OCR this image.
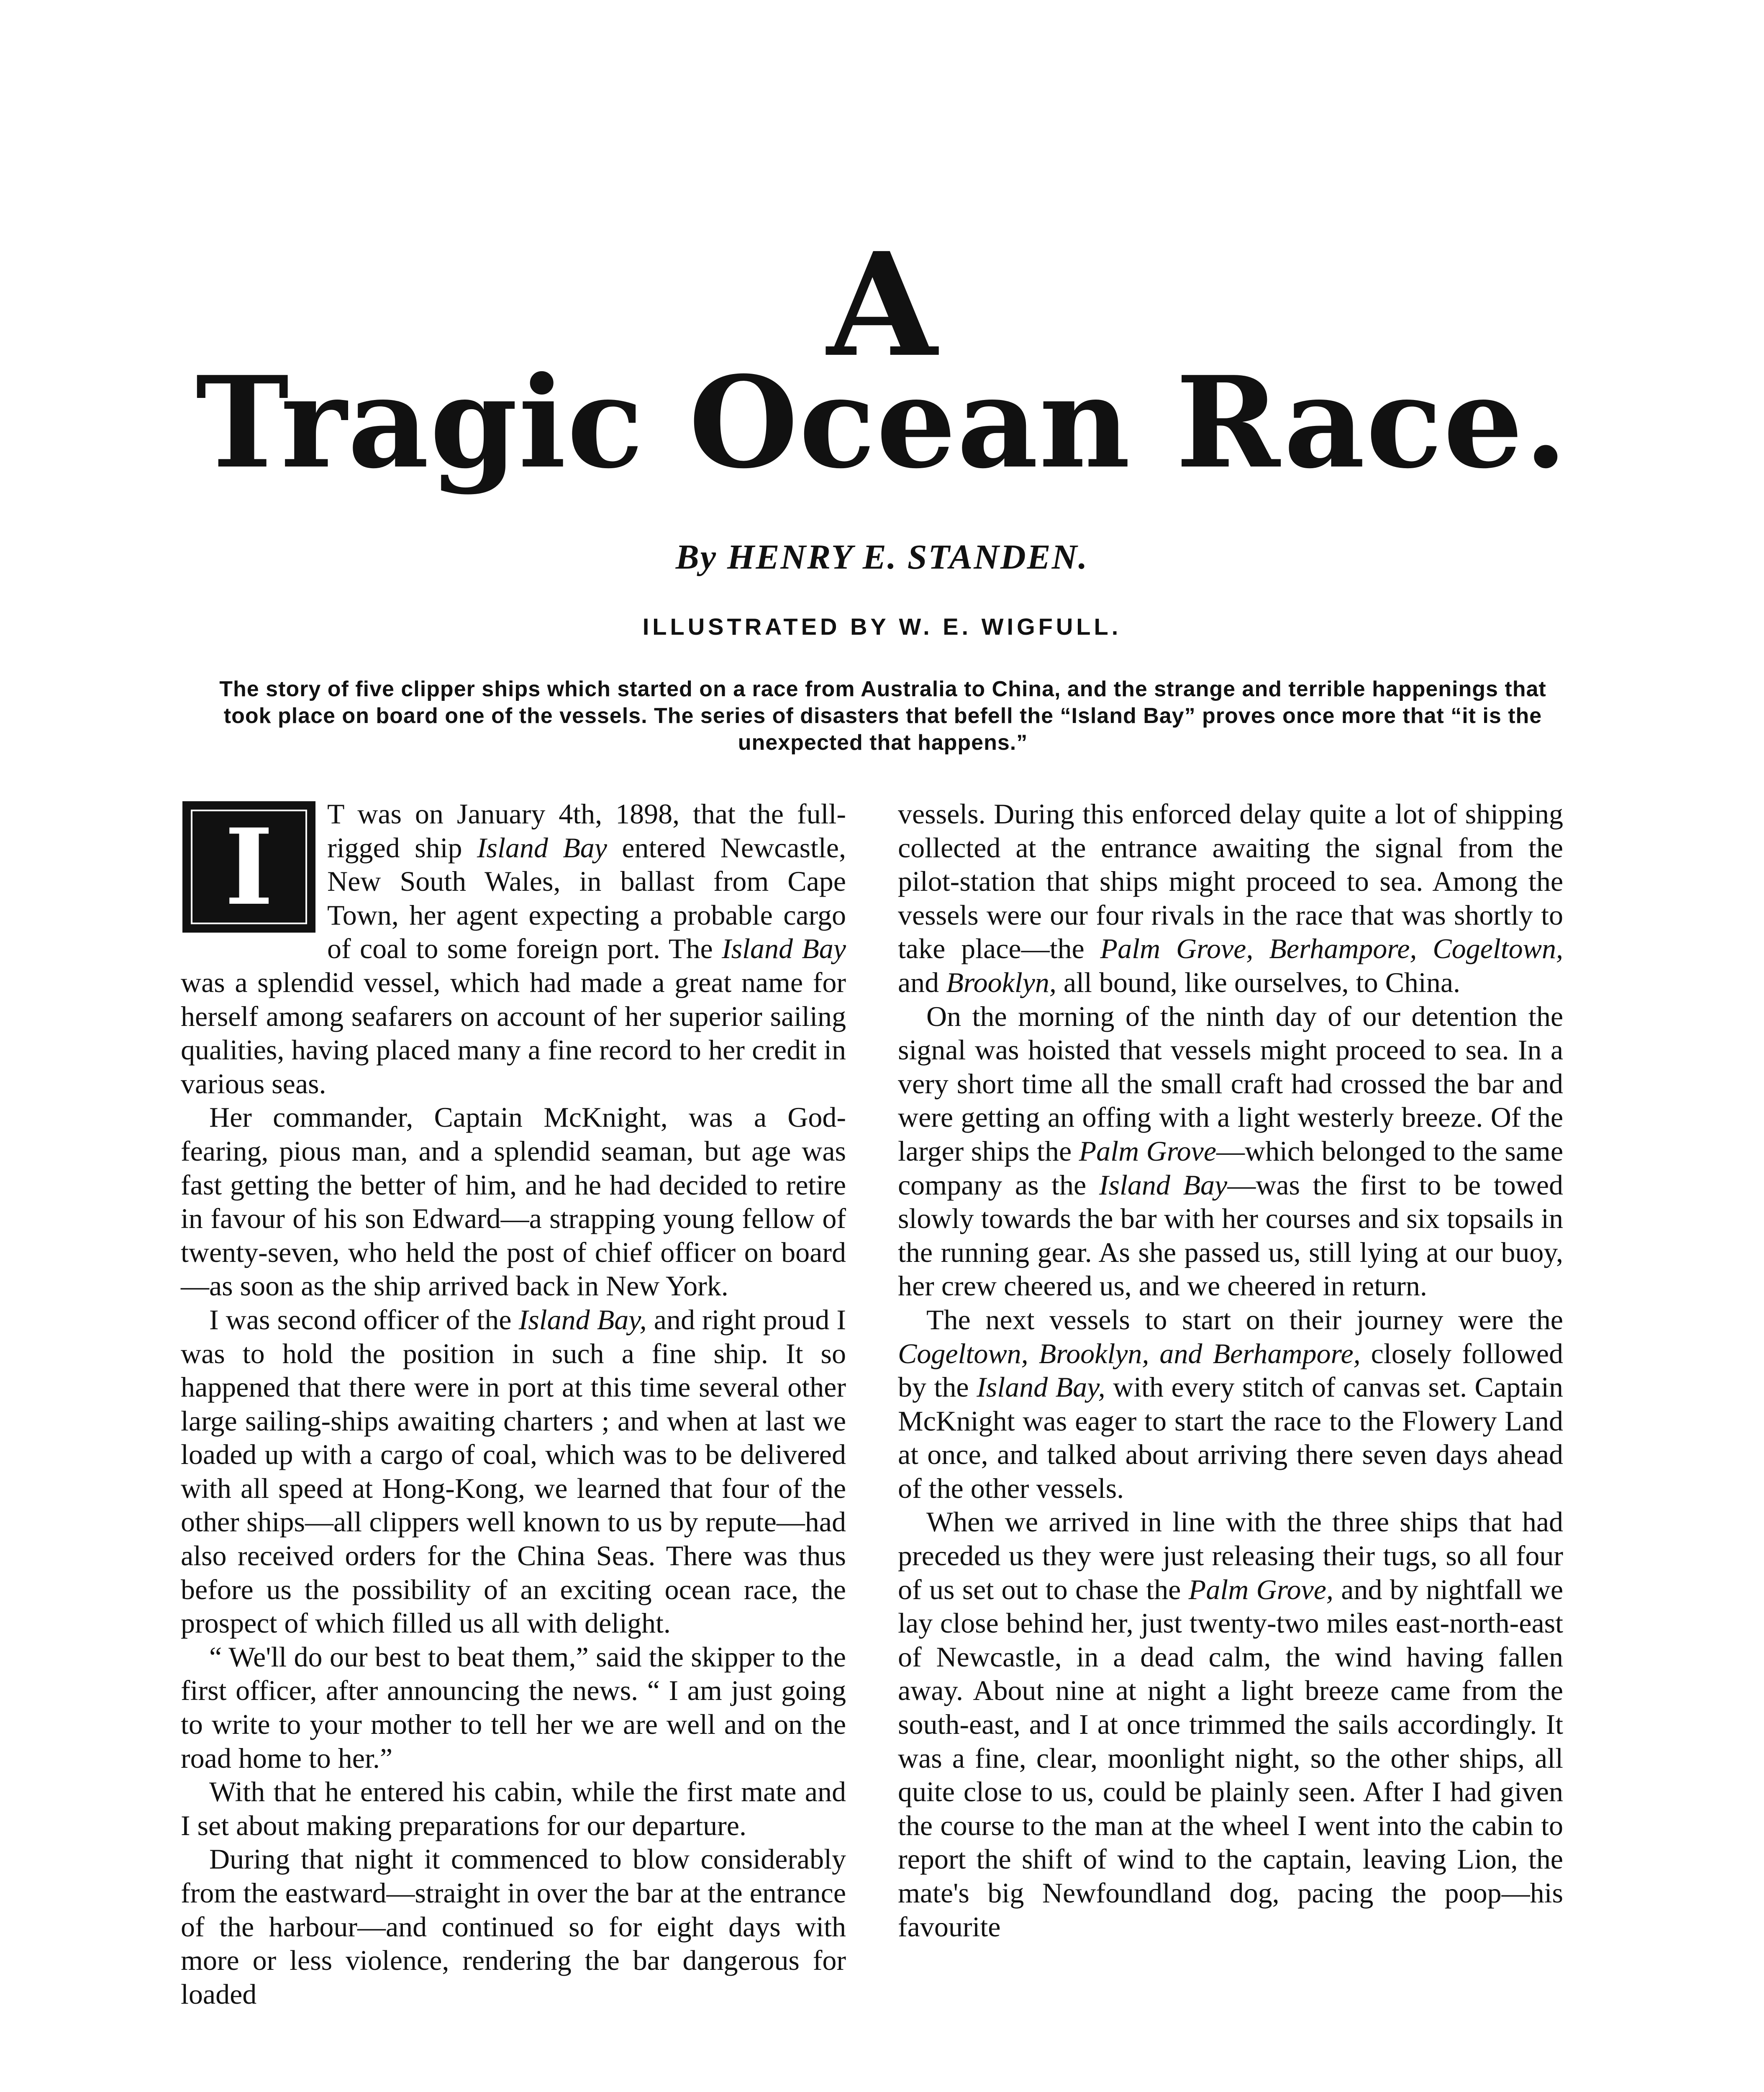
A
Tragic Ocean Race.
By HENRY E. STANDEN.
ILLUSTRATED BY W. E. WIGFULL.
The story of five clipper ships which started on a race from Australia to China, and the strange and terrible happenings that took place on board one of the vessels. The series of disasters that befell the “Island Bay” proves once more that “it is the unexpected that happens.”

I	T was on January 4th, 1898, that the full-rigged ship Island Bay entered Newcastle, New South Wales, in ballast from Cape Town, her agent expecting a probable cargo of coal to some foreign port. The Island Bay was a splendid vessel, which had made a great name for herself among seafarers on account of her superior sailing qualities, having placed many a fine record to her credit in various seas.

Her commander, Captain McKnight, was a God-fearing, pious man, and a splendid seaman, but age was fast getting the better of him, and he had decided to retire in favour of his son Edward—a strapping young fellow of twenty-seven, who held the post of chief officer on board—as soon as the ship arrived back in New York.

I was second officer of the Island Bay, and right proud I was to hold the position in such a fine ship. It so happened that there were in port at this time several other large sailing-ships awaiting charters ; and when at last we loaded up with a cargo of coal, which was to be delivered with all speed at Hong-Kong, we learned that four of the other ships—all clippers well known to us by repute—had also received orders for the China Seas. There was thus before us the possibility of an exciting ocean race, the prospect of which filled us all with delight.

“ We'll do our best to beat them,” said the skipper to the first officer, after announcing the news. “ I am just going to write to your mother to tell her we are well and on the road home to her.”

With that he entered his cabin, while the first mate and I set about making preparations for our departure.

During that night it commenced to blow considerably from the eastward—straight in over the bar at the entrance of the harbour—and continued so for eight days with more or less violence, rendering the bar dangerous for loaded

vessels. During this enforced delay quite a lot of shipping collected at the entrance awaiting the signal from the pilot-station that ships might proceed to sea. Among the vessels were our four rivals in the race that was shortly to take place—the Palm Grove, Berhampore, Cogeltown, and Brooklyn, all bound, like ourselves, to China.

On the morning of the ninth day of our detention the signal was hoisted that vessels might proceed to sea. In a very short time all the small craft had crossed the bar and were getting an offing with a light westerly breeze. Of the larger ships the Palm Grove—which belonged to the same company as the Island Bay—was the first to be towed slowly towards the bar with her courses and six topsails in the running gear. As she passed us, still lying at our buoy, her crew cheered us, and we cheered in return.

The next vessels to start on their journey were the Cogeltown, Brooklyn, and Berhampore, closely followed by the Island Bay, with every stitch of canvas set. Captain McKnight was eager to start the race to the Flowery Land at once, and talked about arriving there seven days ahead of the other vessels.

When we arrived in line with the three ships that had preceded us they were just releasing their tugs, so all four of us set out to chase the Palm Grove, and by nightfall we lay close behind her, just twenty-two miles east-north-east of Newcastle, in a dead calm, the wind having fallen away. About nine at night a light breeze came from the south-east, and I at once trimmed the sails accordingly. It was a fine, clear, moonlight night, so the other ships, all quite close to us, could be plainly seen. After I had given the course to the man at the wheel I went into the cabin to report the shift of wind to the captain, leaving Lion, the mate's big Newfoundland dog, pacing the poop—his favourite
